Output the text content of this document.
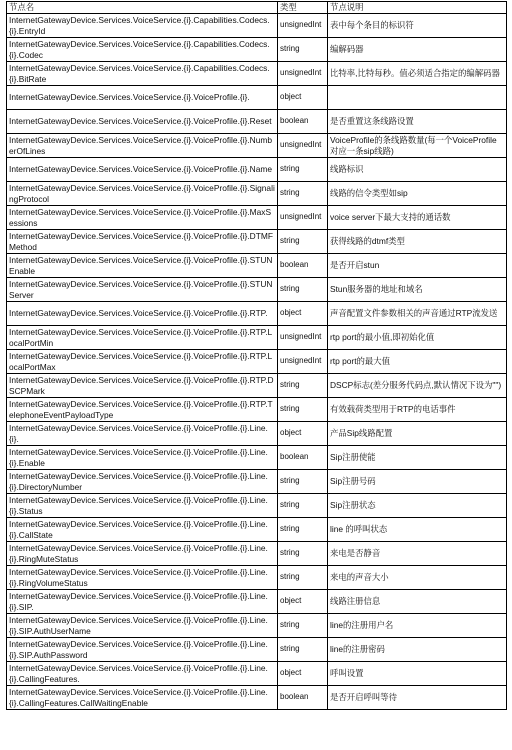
节点名	类型	节点说明
InternetGatewayDevice.Services.VoiceService.{i}.Capabilities.Codecs.{i}.EntryId	unsignedInt	表中每个条目的标识符
InternetGatewayDevice.Services.VoiceService.{i}.Capabilities.Codecs.{i}.Codec	string	编解码器
InternetGatewayDevice.Services.VoiceService.{i}.Capabilities.Codecs.{i}.BitRate	unsignedInt	比特率,比特每秒。值必须适合指定的编解码器
InternetGatewayDevice.Services.VoiceService.{i}.VoiceProfile.{i}.	object	
InternetGatewayDevice.Services.VoiceService.{i}.VoiceProfile.{i}.Reset	boolean	是否重置这条线路设置
InternetGatewayDevice.Services.VoiceService.{i}.VoiceProfile.{i}.NumberOfLines	unsignedInt	VoiceProfile的条线路数量(每一个VoiceProfile对应一条sip线路)
InternetGatewayDevice.Services.VoiceService.{i}.VoiceProfile.{i}.Name	string	线路标识
InternetGatewayDevice.Services.VoiceService.{i}.VoiceProfile.{i}.SignalingProtocol	string	线路的信令类型如sip
InternetGatewayDevice.Services.VoiceService.{i}.VoiceProfile.{i}.MaxSessions	unsignedInt	voice server下最大支持的通话数
InternetGatewayDevice.Services.VoiceService.{i}.VoiceProfile.{i}.DTMFMethod	string	获得线路的dtmf类型
InternetGatewayDevice.Services.VoiceService.{i}.VoiceProfile.{i}.STUNEnable	boolean	是否开启stun
InternetGatewayDevice.Services.VoiceService.{i}.VoiceProfile.{i}.STUNServer	string	Stun服务器的地址和域名
InternetGatewayDevice.Services.VoiceService.{i}.VoiceProfile.{i}.RTP.	object	声音配置文件参数相关的声音通过RTP流发送
InternetGatewayDevice.Services.VoiceService.{i}.VoiceProfile.{i}.RTP.LocalPortMin	unsignedInt	rtp port的最小值,即初始化值
InternetGatewayDevice.Services.VoiceService.{i}.VoiceProfile.{i}.RTP.LocalPortMax	unsignedInt	rtp port的最大值
InternetGatewayDevice.Services.VoiceService.{i}.VoiceProfile.{i}.RTP.DSCPMark	string	DSCP标志(差分服务代码点,默认情况下设为"")
InternetGatewayDevice.Services.VoiceService.{i}.VoiceProfile.{i}.RTP.TelephoneEventPayloadType	string	有效载荷类型用于RTP的电话事件
InternetGatewayDevice.Services.VoiceService.{i}.VoiceProfile.{i}.Line.{i}.	object	产品Sip线路配置
InternetGatewayDevice.Services.VoiceService.{i}.VoiceProfile.{i}.Line.{i}.Enable	boolean	Sip注册使能
InternetGatewayDevice.Services.VoiceService.{i}.VoiceProfile.{i}.Line.{i}.DirectoryNumber	string	Sip注册号码
InternetGatewayDevice.Services.VoiceService.{i}.VoiceProfile.{i}.Line.{i}.Status	string	Sip注册状态
InternetGatewayDevice.Services.VoiceService.{i}.VoiceProfile.{i}.Line.{i}.CallState	string	line 的呼叫状态
InternetGatewayDevice.Services.VoiceService.{i}.VoiceProfile.{i}.Line.{i}.RingMuteStatus	string	来电是否静音
InternetGatewayDevice.Services.VoiceService.{i}.VoiceProfile.{i}.Line.{i}.RingVolumeStatus	string	来电的声音大小
InternetGatewayDevice.Services.VoiceService.{i}.VoiceProfile.{i}.Line.{i}.SIP.	object	线路注册信息
InternetGatewayDevice.Services.VoiceService.{i}.VoiceProfile.{i}.Line.{i}.SIP.AuthUserName	string	line的注册用户名
InternetGatewayDevice.Services.VoiceService.{i}.VoiceProfile.{i}.Line.{i}.SIP.AuthPassword	string	line的注册密码
InternetGatewayDevice.Services.VoiceService.{i}.VoiceProfile.{i}.Line.{i}.CallingFeatures.	object	呼叫设置
InternetGatewayDevice.Services.VoiceService.{i}.VoiceProfile.{i}.Line.{i}.CallingFeatures.CallWaitingEnable	boolean	是否开启呼叫等待
